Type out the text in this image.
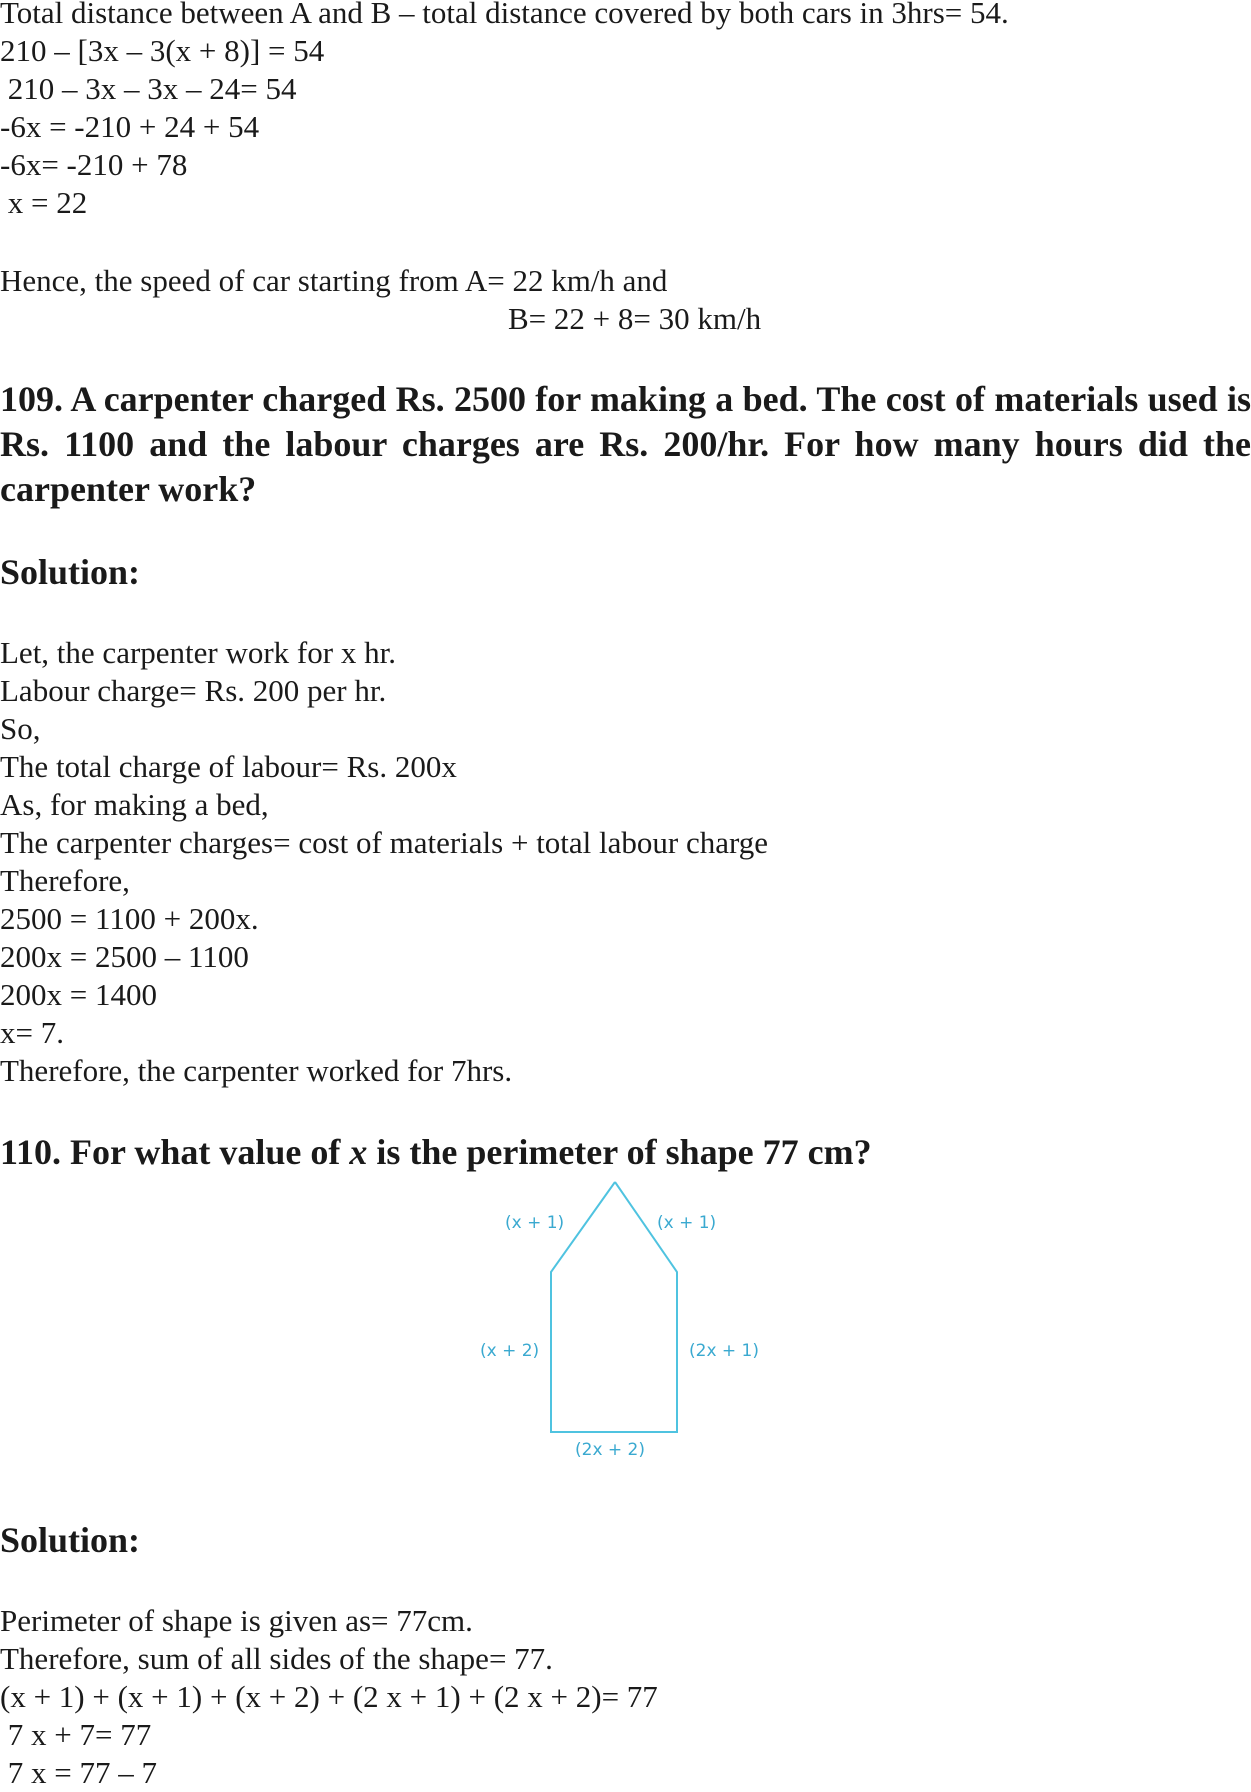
Total distance between A and B – total distance covered by both cars in 3hrs= 54.
210 – [3x – 3(x + 8)] = 54
210 – 3x – 3x – 24= 54
-6x = -210 + 24 + 54
-6x= -210 + 78
x = 22
Hence, the speed of car starting from A= 22 km/h and
B= 22 + 8= 30 km/h
109. A carpenter charged Rs. 2500 for making a bed. The cost of materials used is Rs. 1100 and the labour charges are Rs. 200/hr. For how many hours did the carpenter work?
Solution:
Let, the carpenter work for x hr.
Labour charge= Rs. 200 per hr.
So,
The total charge of labour= Rs. 200x
As, for making a bed,
The carpenter charges= cost of materials + total labour charge
Therefore,
2500 = 1100 + 200x.
200x = 2500 – 1100
200x = 1400
x= 7.
Therefore, the carpenter worked for 7hrs.
110. For what value of x is the perimeter of shape 77 cm?
(x + 1)	(x + 1)
(x + 2)	(2x + 1)
(2x + 2)
Solution:
Perimeter of shape is given as= 77cm.
Therefore, sum of all sides of the shape= 77.
(x + 1) + (x + 1) + (x + 2) + (2 x + 1) + (2 x + 2)= 77
7 x + 7= 77
7 x = 77 – 7
